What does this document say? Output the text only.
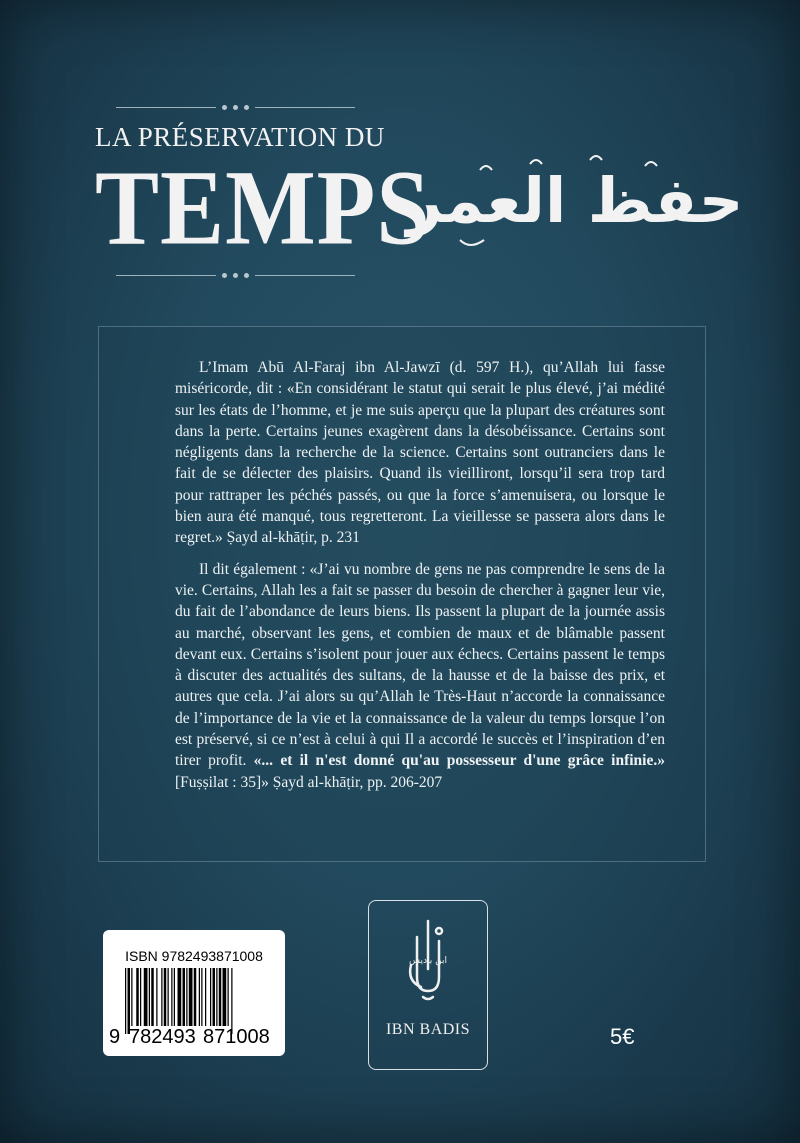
LA PRÉSERVATION DU
TEMPS
حفظ العمر

L’Imam Abū Al-Faraj ibn Al-Jawzī (d. 597 H.), qu’Allah lui fasse miséricorde, dit : «En considérant le statut qui serait le plus élevé, j’ai médité sur les états de l’homme, et je me suis aperçu que la plupart des créatures sont dans la perte. Certains jeunes exagèrent dans la désobéissance. Certains sont négligents dans la recherche de la science. Certains sont outranciers dans le fait de se délecter des plaisirs. Quand ils vieilliront, lorsqu’il sera trop tard pour rattraper les péchés passés, ou que la force s’amenuisera, ou lorsque le bien aura été manqué, tous regretteront. La vieillesse se passera alors dans le regret.» Ṣayd al-khāṭir, p. 231

Il dit également : «J’ai vu nombre de gens ne pas comprendre le sens de la vie. Certains, Allah les a fait se passer du besoin de chercher à gagner leur vie, du fait de l’abondance de leurs biens. Ils passent la plupart de la journée assis au marché, observant les gens, et combien de maux et de blâmable passent devant eux. Certains s’isolent pour jouer aux échecs. Certains passent le temps à discuter des actualités des sultans, de la hausse et de la baisse des prix, et autres que cela. J’ai alors su qu’Allah le Très-Haut n’accorde la connaissance de l’importance de la vie et la connaissance de la valeur du temps lorsque l’on est préservé, si ce n’est à celui à qui Il a accordé le succès et l’inspiration d’en tirer profit. «... et il n'est donné qu'au possesseur d'une grâce infinie.» [Fuṣṣilat : 35]» Ṣayd al-khāṭir, pp. 206-207

ISBN 9782493871008
9 782493 871008
ابن باديس
IBN BADIS	5€
